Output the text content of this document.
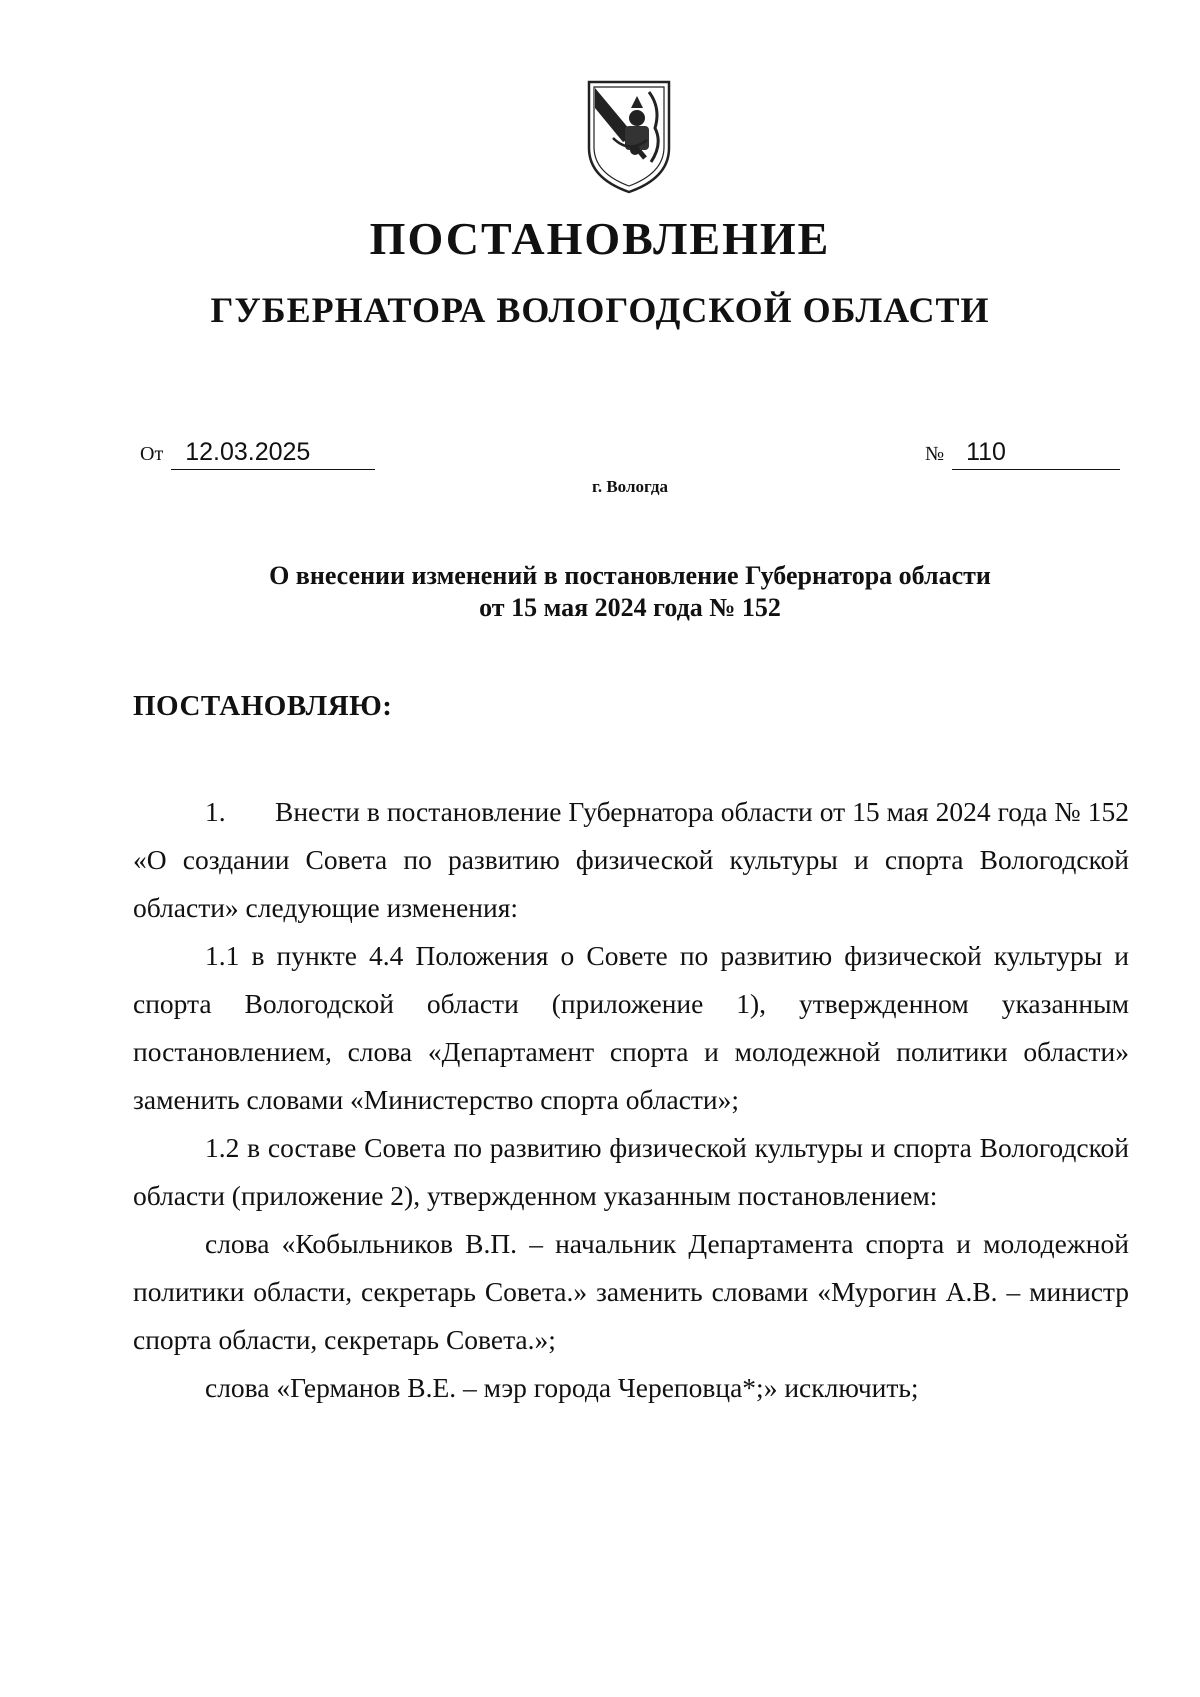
ПОСТАНОВЛЕНИЕ
ГУБЕРНАТОРА ВОЛОГОДСКОЙ ОБЛАСТИ
От 12.03.2025	№ 110
г. Вологда
О внесении изменений в постановление Губернатора области
от 15 мая 2024 года № 152
ПОСТАНОВЛЯЮ:

1. Внести в постановление Губернатора области от 15 мая 2024 года № 152 «О создании Совета по развитию физической культуры и спорта Вологодской области» следующие изменения:

1.1 в пункте 4.4 Положения о Совете по развитию физической культуры и спорта Вологодской области (приложение 1), утвержденном указанным постановлением, слова «Департамент спорта и молодежной политики области» заменить словами «Министерство спорта области»;

1.2 в составе Совета по развитию физической культуры и спорта Вологодской области (приложение 2), утвержденном указанным постановлением:

слова «Кобыльников В.П. – начальник Департамента спорта и молодежной политики области, секретарь Совета.» заменить словами «Мурогин А.В. – министр спорта области, секретарь Совета.»;

слова «Германов В.Е. – мэр города Череповца*;» исключить;
